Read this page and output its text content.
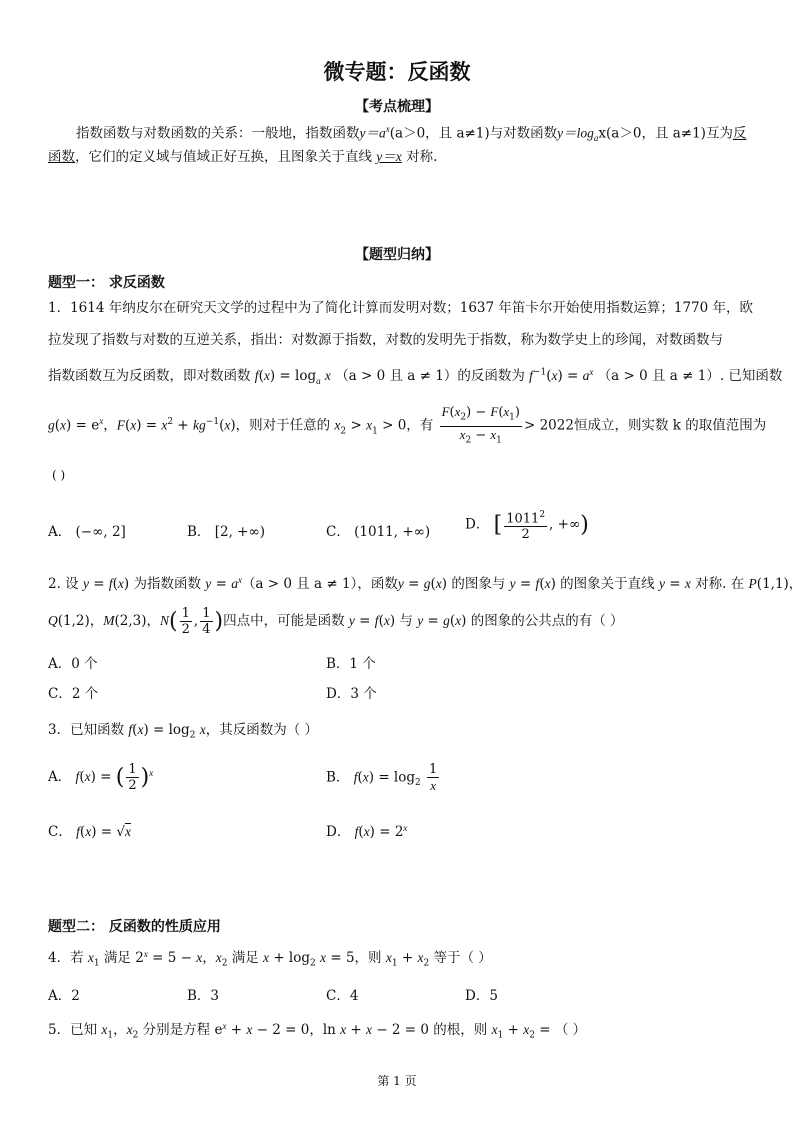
微专题：反函数
【考点梳理】
指数函数与对数函数的关系：一般地，指数函数$y=a^x(a>0$，且 a≠1)与对数函数$y=\log_ax(a>0$，且 a≠1)互为反
函数，它们的定义域与值域正好互换，且图象关于直线 y＝x 对称.
【题型归纳】
题型一： 求反函数
1．1614 年纳皮尔在研究天文学的过程中为了简化计算而发明对数；1637 年笛卡尔开始使用指数运算；1770 年，欧
拉发现了指数与对数的互逆关系，指出：对数源于指数，对数的发明先于指数，称为数学史上的珍闻，对数函数与
指数函数互为反函数，即对数函数 $f(x) = \log_a x$ （a > 0 且 a ≠ 1）的反函数为 $f^{-1}(x) = a^x$ （a > 0 且 a ≠ 1）. 已知函数
$g(x) = e^x$，$F(x) = x^2 + kg^{-1}(x)$，则对于任意的 $x_2 > x_1 > 0$，有 $\frac{F(x_2) - F(x_1)}{x_2 - x_1} > 2022$恒成立，则实数 k 的取值范围为
( )
A． (−∞, 2]	B． [2, +∞)	C． (1011, +∞)	D． [ $\frac{1011^2}{2}$ , +∞)
2. 设 y = f(x) 为指数函数 $y = a^x(a > 0$ 且 a ≠ 1），函数y = g(x) 的图象与 y = f(x) 的图象关于直线 y = x 对称. 在 P(1,1)，
Q(1,2)，M(2,3)，$N( \frac{1}{2}$ , $\frac{1}{4}$ )四点中，可能是函数 y = f(x) 与 y = g(x) 的图象的公共点的有（ ）
A．0 个	B．1 个
C．2 个	D．3 个
3．已知函数 $f(x) = \log_2 x$，其反函数为（ ）
A． f(x) = ( $\frac{1}{2} )^x$	B． $f(x) = \log_2 \frac{1}{x}$
C． f(x) = √x	D． $f(x) = 2^x$
题型二： 反函数的性质应用
4．若 $x_1$ 满足 $2^x = 5 - x$，$x_2$ 满足 $x + \log_2 x = 5$，则 $x_1 + x_2$ 等于（ ）
A．2	B．3	C．4	D．5
5．已知 $x_1$，$x_2$ 分别是方程 $e^x + x - 2 = 0$，ln x + x − 2 = 0 的根，则 $x_1 + x_2$ = （ ）
第 1 页
